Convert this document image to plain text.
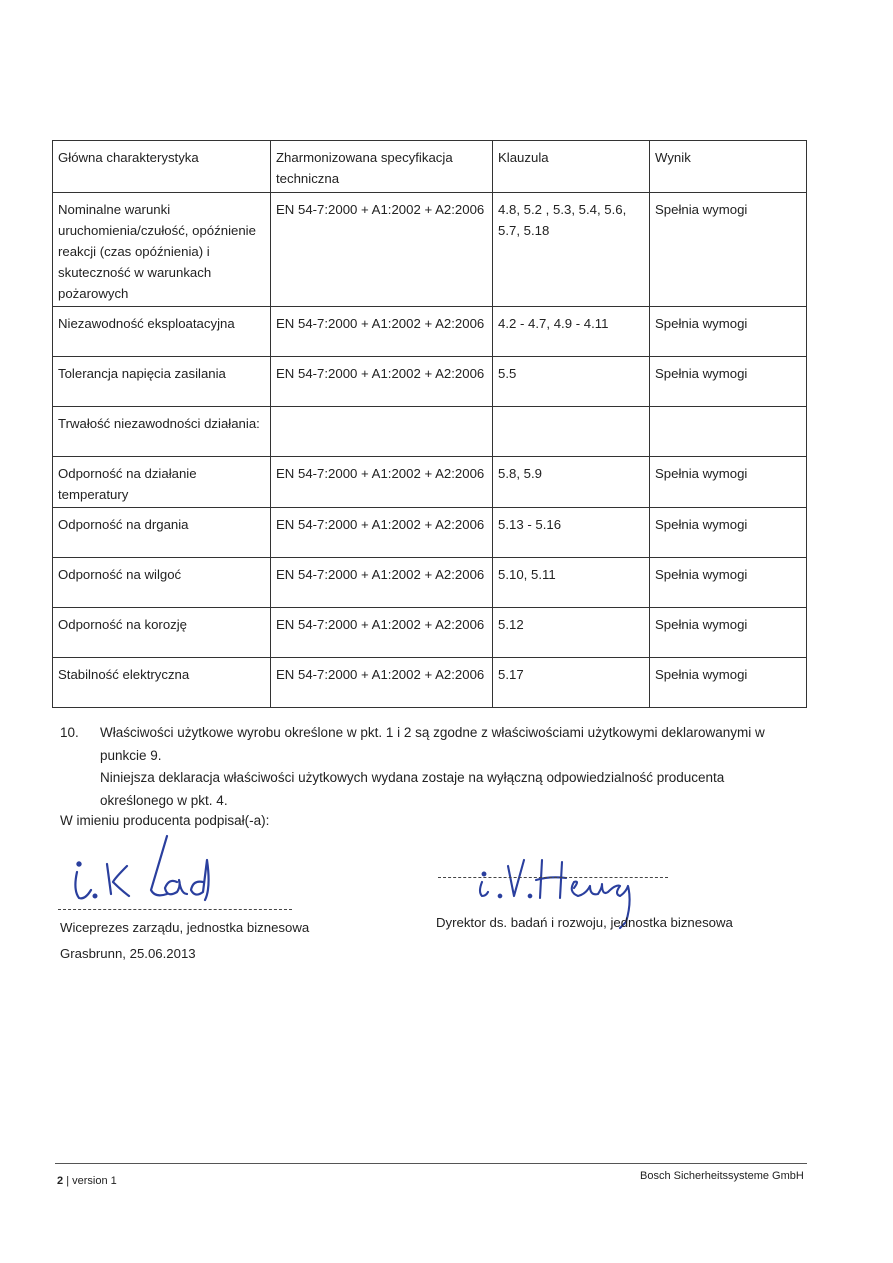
Główna charakterystyka	Zharmonizowana specyfikacja techniczna	Klauzula	Wynik
Nominalne warunki uruchomienia/czułość, opóźnienie reakcji (czas opóźnienia) i skuteczność w warunkach pożarowych	EN 54-7:2000 + A1:2002 + A2:2006	4.8, 5.2 , 5.3, 5.4, 5.6, 5.7, 5.18	Spełnia wymogi
Niezawodność eksploatacyjna	EN 54-7:2000 + A1:2002 + A2:2006	4.2 - 4.7, 4.9 - 4.11	Spełnia wymogi
Tolerancja napięcia zasilania	EN 54-7:2000 + A1:2002 + A2:2006	5.5	Spełnia wymogi
Trwałość niezawodności działania:			
Odporność na działanie temperatury	EN 54-7:2000 + A1:2002 + A2:2006	5.8, 5.9	Spełnia wymogi
Odporność na drgania	EN 54-7:2000 + A1:2002 + A2:2006	5.13 - 5.16	Spełnia wymogi
Odporność na wilgoć	EN 54-7:2000 + A1:2002 + A2:2006	5.10, 5.11	Spełnia wymogi
Odporność na korozję	EN 54-7:2000 + A1:2002 + A2:2006	5.12	Spełnia wymogi
Stabilność elektryczna	EN 54-7:2000 + A1:2002 + A2:2006	5.17	Spełnia wymogi
10. Właściwości użytkowe wyrobu określone w pkt. 1 i 2 są zgodne z właściwościami użytkowymi deklarowanymi w punkcie 9.
Niniejsza deklaracja właściwości użytkowych wydana zostaje na wyłączną odpowiedzialność producenta określonego w pkt. 4.
W imieniu producenta podpisał(-a):
Wiceprezes zarządu, jednostka biznesowa
Grasbrunn, 25.06.2013
Dyrektor ds. badań i rozwoju, jednostka biznesowa
2 | version 1	Bosch Sicherheitssysteme GmbH
